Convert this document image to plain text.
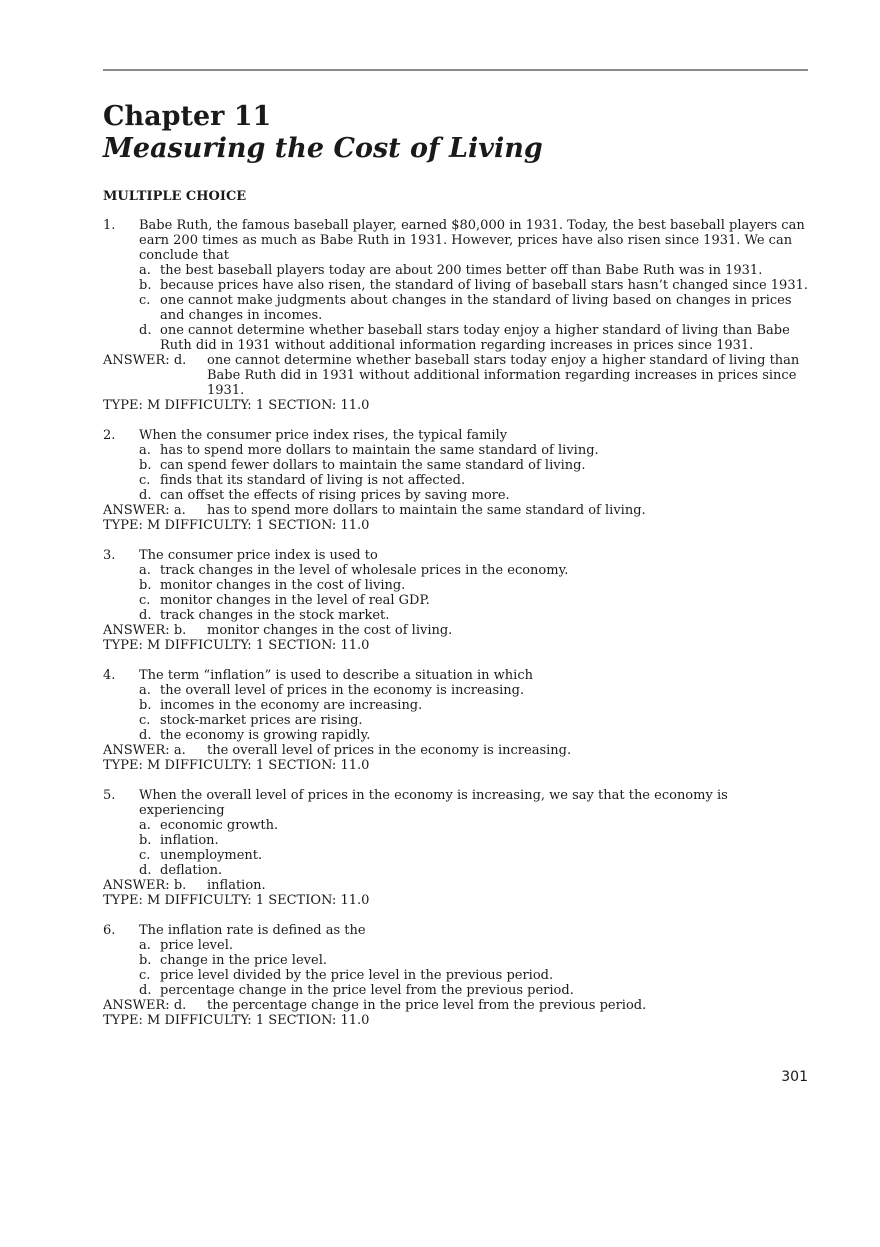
Chapter 11
Measuring the Cost of Living
MULTIPLE CHOICE
1.	Babe Ruth, the famous baseball player, earned $80,000 in 1931. Today, the best baseball players can earn 200 times as much as Babe Ruth in 1931. However, prices have also risen since 1931. We can conclude that
a. the best baseball players today are about 200 times better off than Babe Ruth was in 1931.
b. because prices have also risen, the standard of living of baseball stars hasn’t changed since 1931.
c. one cannot make judgments about changes in the standard of living based on changes in prices and changes in incomes.
d. one cannot determine whether baseball stars today enjoy a higher standard of living than Babe Ruth did in 1931 without additional information regarding increases in prices since 1931.
ANSWER: d.	one cannot determine whether baseball stars today enjoy a higher standard of living than Babe Ruth did in 1931 without additional information regarding increases in prices since 1931.
TYPE: M DIFFICULTY: 1 SECTION: 11.0
2.	When the consumer price index rises, the typical family
a. has to spend more dollars to maintain the same standard of living.
b. can spend fewer dollars to maintain the same standard of living.
c. finds that its standard of living is not affected.
d. can offset the effects of rising prices by saving more.
ANSWER: a.	has to spend more dollars to maintain the same standard of living.
TYPE: M DIFFICULTY: 1 SECTION: 11.0
3.	The consumer price index is used to
a. track changes in the level of wholesale prices in the economy.
b. monitor changes in the cost of living.
c. monitor changes in the level of real GDP.
d. track changes in the stock market.
ANSWER: b.	monitor changes in the cost of living.
TYPE: M DIFFICULTY: 1 SECTION: 11.0
4.	The term “inflation” is used to describe a situation in which
a. the overall level of prices in the economy is increasing.
b. incomes in the economy are increasing.
c. stock-market prices are rising.
d. the economy is growing rapidly.
ANSWER: a.	the overall level of prices in the economy is increasing.
TYPE: M DIFFICULTY: 1 SECTION: 11.0
5.	When the overall level of prices in the economy is increasing, we say that the economy is experiencing
a. economic growth.
b. inflation.
c. unemployment.
d. deflation.
ANSWER: b.	inflation.
TYPE: M DIFFICULTY: 1 SECTION: 11.0
6.	The inflation rate is defined as the
a. price level.
b. change in the price level.
c. price level divided by the price level in the previous period.
d. percentage change in the price level from the previous period.
ANSWER: d.	the percentage change in the price level from the previous period.
TYPE: M DIFFICULTY: 1 SECTION: 11.0
301
